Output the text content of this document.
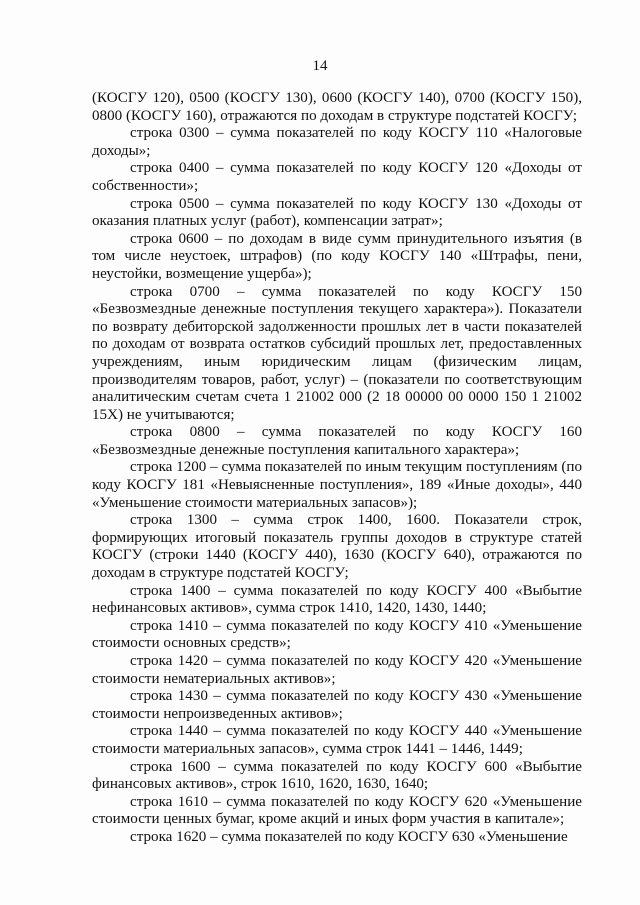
14

(КОСГУ 120), 0500 (КОСГУ 130), 0600 (КОСГУ 140), 0700 (КОСГУ 150), 0800 (КОСГУ 160), отражаются по доходам в структуре подстатей КОСГУ;

строка 0300 – сумма показателей по коду КОСГУ 110 «Налоговые доходы»;

строка 0400 – сумма показателей по коду КОСГУ 120 «Доходы от собственности»;

строка 0500 – сумма показателей по коду КОСГУ 130 «Доходы от оказания платных услуг (работ), компенсации затрат»;

строка 0600 – по доходам в виде сумм принудительного изъятия (в том числе неустоек, штрафов) (по коду КОСГУ 140 «Штрафы, пени, неустойки, возмещение ущерба»);

строка 0700 – сумма показателей по коду КОСГУ 150 «Безвозмездные денежные поступления текущего характера»). Показатели по возврату дебиторской задолженности прошлых лет в части показателей по доходам от возврата остатков субсидий прошлых лет, предоставленных учреждениям, иным юридическим лицам (физическим лицам, производителям товаров, работ, услуг) – (показатели по соответствующим аналитическим счетам счета 1 21002 000 (2 18 00000 00 0000 150 1 21002 15Х) не учитываются;

строка 0800 – сумма показателей по коду КОСГУ 160 «Безвозмездные денежные поступления капитального характера»;

строка 1200 – сумма показателей по иным текущим поступлениям (по коду КОСГУ 181 «Невыясненные поступления», 189 «Иные доходы», 440 «Уменьшение стоимости материальных запасов»);

строка 1300 – сумма строк 1400, 1600. Показатели строк, формирующих итоговый показатель группы доходов в структуре статей КОСГУ (строки 1440 (КОСГУ 440), 1630 (КОСГУ 640), отражаются по доходам в структуре подстатей КОСГУ;

строка 1400 – сумма показателей по коду КОСГУ 400 «Выбытие нефинансовых активов», сумма строк 1410, 1420, 1430, 1440;

строка 1410 – сумма показателей по коду КОСГУ 410 «Уменьшение стоимости основных средств»;

строка 1420 – сумма показателей по коду КОСГУ 420 «Уменьшение стоимости нематериальных активов»;

строка 1430 – сумма показателей по коду КОСГУ 430 «Уменьшение стоимости непроизведенных активов»;

строка 1440 – сумма показателей по коду КОСГУ 440 «Уменьшение стоимости материальных запасов», сумма строк 1441 – 1446, 1449;

строка 1600 – сумма показателей по коду КОСГУ 600 «Выбытие финансовых активов», строк 1610, 1620, 1630, 1640;

строка 1610 – сумма показателей по коду КОСГУ 620 «Уменьшение стоимости ценных бумаг, кроме акций и иных форм участия в капитале»;

строка 1620 – сумма показателей по коду КОСГУ 630 «Уменьшение
